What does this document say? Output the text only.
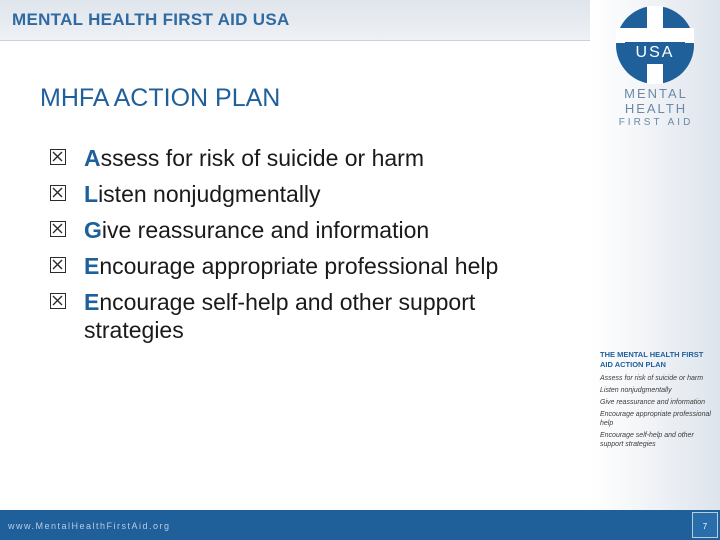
MENTAL HEALTH FIRST AID USA
USA
MENTAL
HEALTH
FIRST AID
MHFA ACTION PLAN
Assess for risk of suicide or harm
Listen nonjudgmentally
Give reassurance and information
Encourage appropriate professional help
Encourage self-help and other support strategies
THE MENTAL HEALTH FIRST AID ACTION PLAN
Assess for risk of suicide or harm
Listen nonjudgmentally
Give reassurance and information
Encourage appropriate professional help
Encourage self-help and other support strategies
www.MentalHealthFirstAid.org	7
